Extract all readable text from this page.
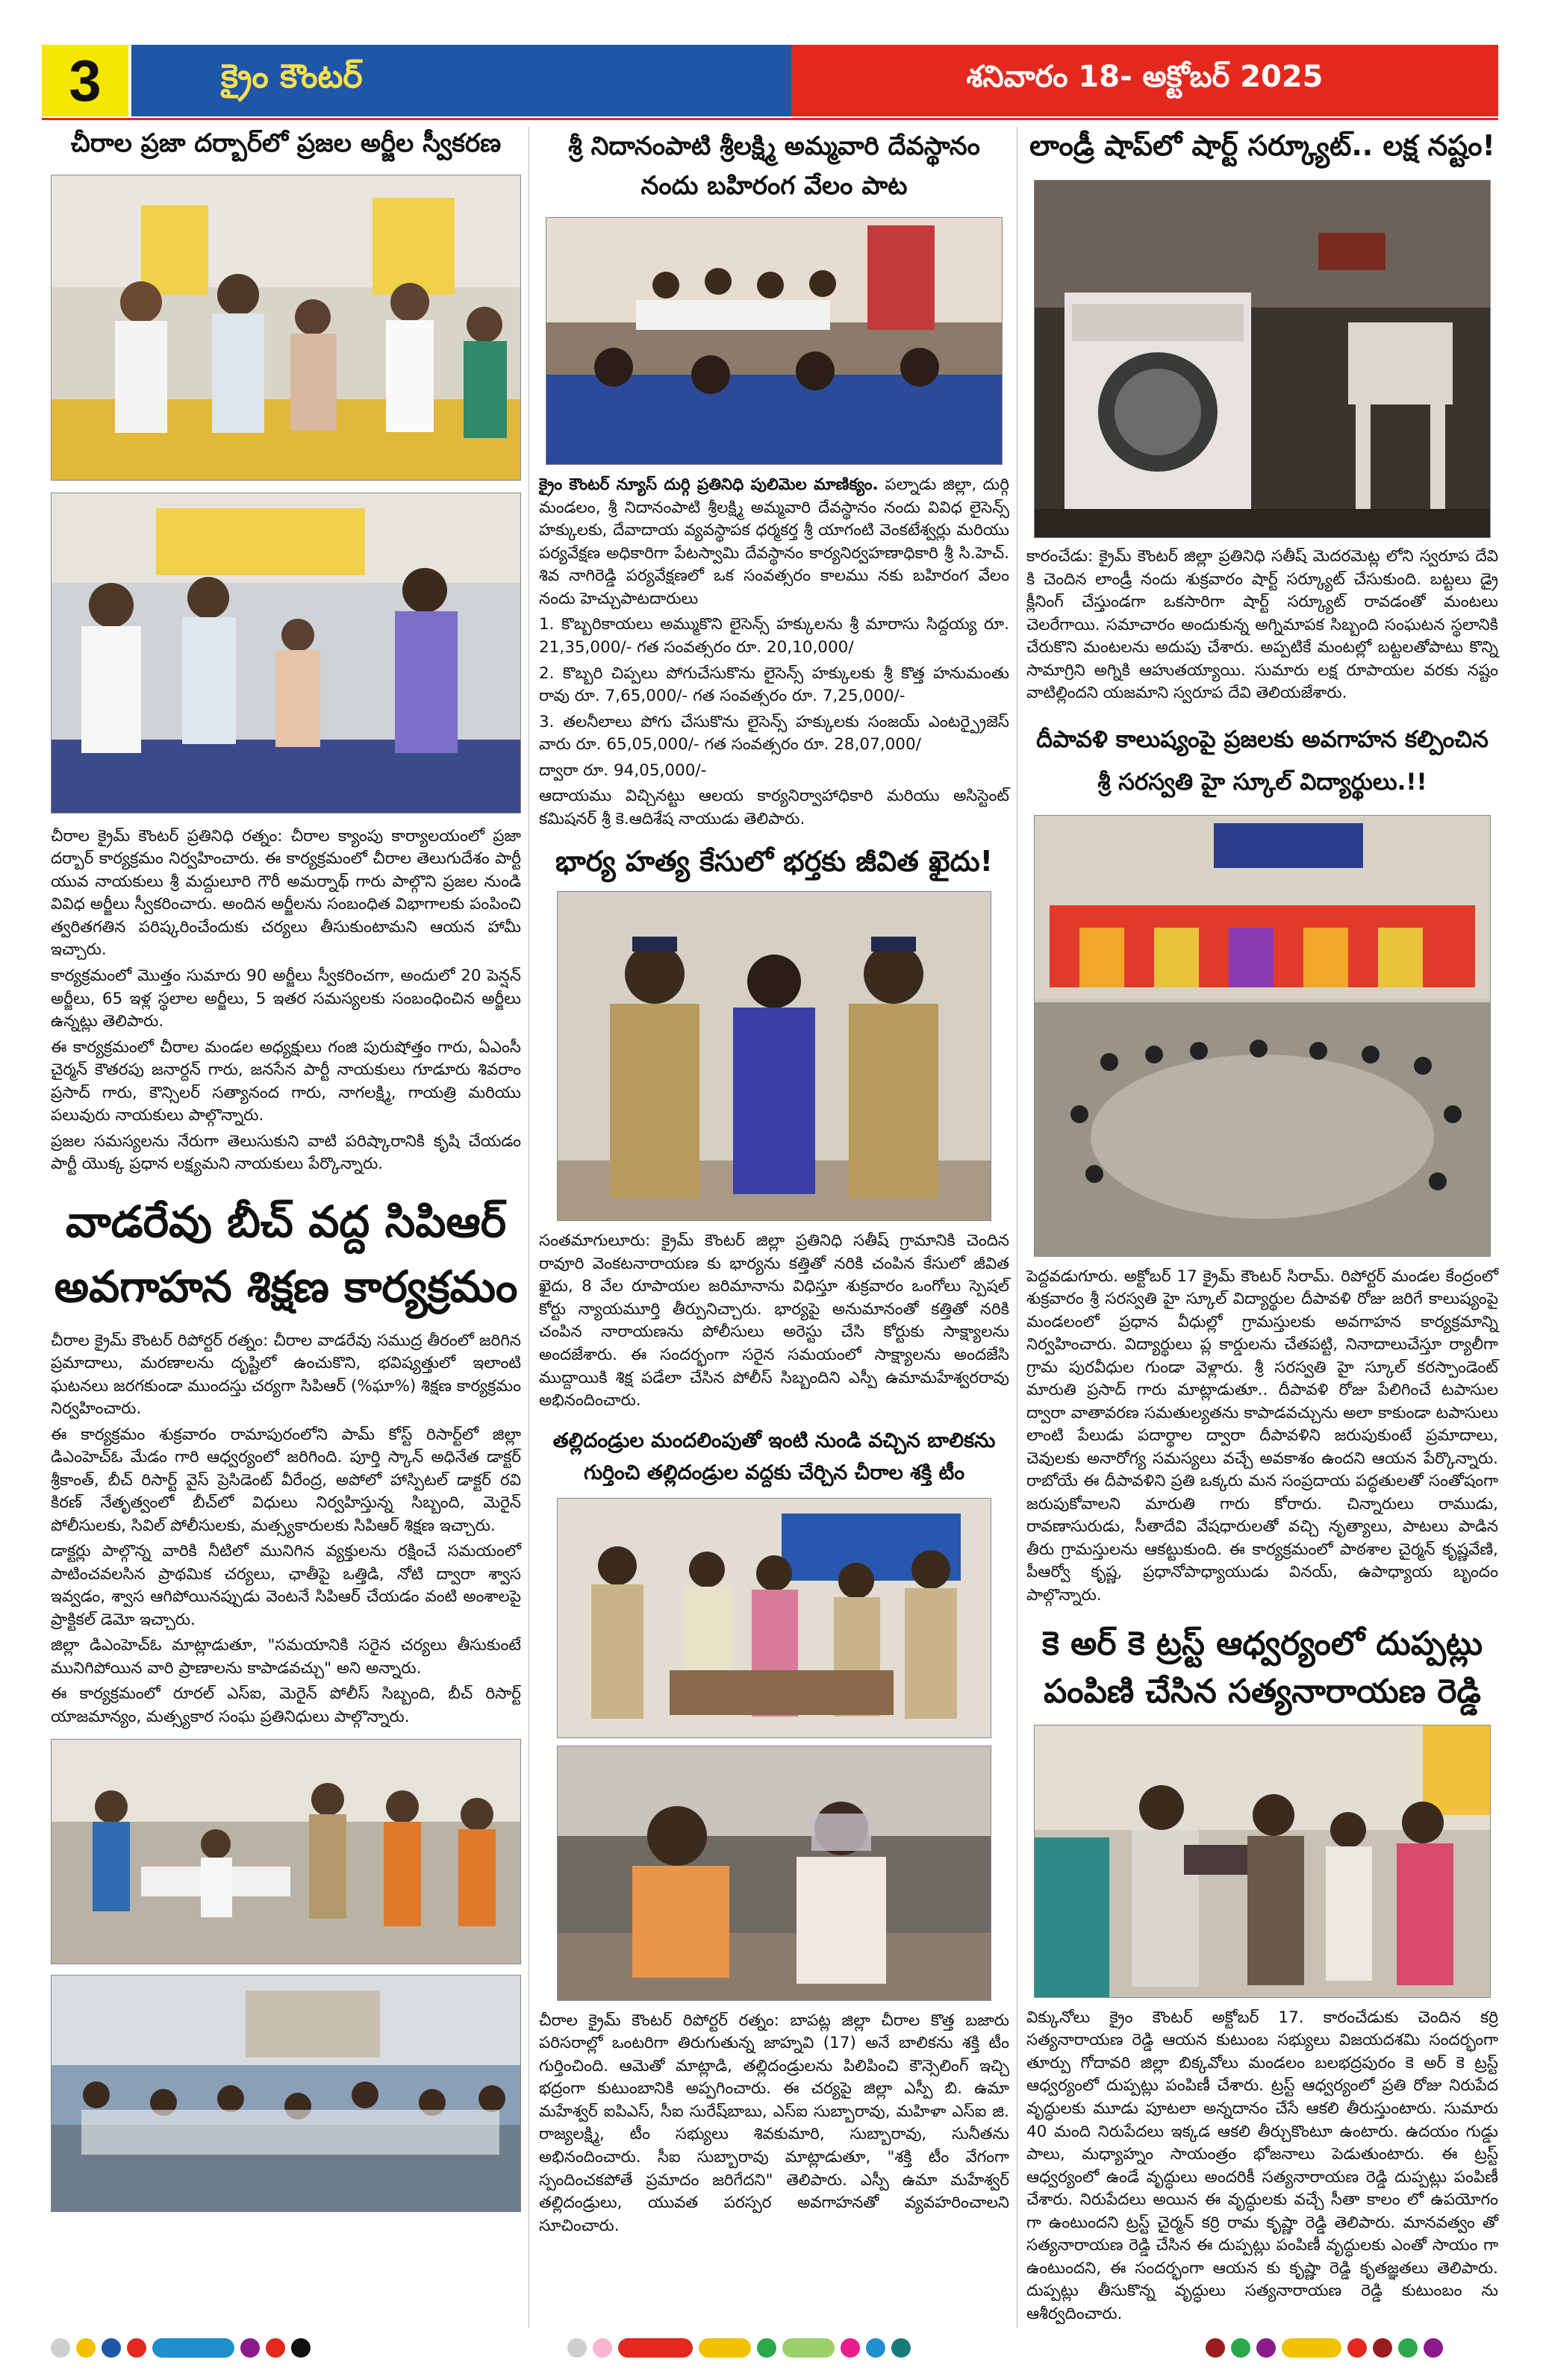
3	క్రైం కౌంటర్	శనివారం 18- అక్టోబర్ 2025
చీరాల ప్రజా దర్బార్‌లో ప్రజల అర్జీల స్వీకరణ

చీరాల క్రైమ్ కౌంటర్ ప్రతినిధి రత్నం: చీరాల క్యాంపు కార్యాలయంలో ప్రజా దర్బార్ కార్యక్రమం నిర్వహించారు. ఈ కార్యక్రమంలో చీరాల తెలుగుదేశం పార్టీ యువ నాయకులు శ్రీ మద్దులూరి గౌరీ అమర్నాథ్ గారు పాల్గొని ప్రజల నుండి వివిధ అర్జీలు స్వీకరించారు. అందిన అర్జీలను సంబంధిత విభాగాలకు పంపించి త్వరితగతిన పరిష్కరించేందుకు చర్యలు తీసుకుంటామని ఆయన హామీ ఇచ్చారు.

కార్యక్రమంలో మొత్తం సుమారు 90 అర్జీలు స్వీకరించగా, అందులో 20 పెన్షన్ అర్జీలు, 65 ఇళ్ల స్థలాల అర్జీలు, 5 ఇతర సమస్యలకు సంబంధించిన అర్జీలు ఉన్నట్లు తెలిపారు.

ఈ కార్యక్రమంలో చీరాల మండల అధ్యక్షులు గంజి పురుషోత్తం గారు, ఏఎంసీ చైర్మన్ కౌతరపు జనార్దన్ గారు, జనసేన పార్టీ నాయకులు గూడూరు శివరాం ప్రసాద్ గారు, కౌన్సిలర్ సత్యానంద గారు, నాగలక్ష్మి, గాయత్రి మరియు పలువురు నాయకులు పాల్గొన్నారు.

ప్రజల సమస్యలను నేరుగా తెలుసుకుని వాటి పరిష్కారానికి కృషి చేయడం పార్టీ యొక్క ప్రధాన లక్ష్యమని నాయకులు పేర్కొన్నారు.

వాడరేవు బీచ్ వద్ద సిపిఆర్ అవగాహన శిక్షణ కార్యక్రమం

చీరాల క్రైమ్ కౌంటర్ రిపోర్టర్ రత్నం: చీరాల వాడరేవు సముద్ర తీరంలో జరిగిన ప్రమాదాలు, మరణాలను దృష్టిలో ఉంచుకొని, భవిష్యత్తులో ఇలాంటి ఘటనలు జరగకుండా ముందస్తు చర్యగా సిపిఆర్ (%ఘా%) శిక్షణ కార్యక్రమం నిర్వహించారు.

ఈ కార్యక్రమం శుక్రవారం రామాపురంలోని పామ్ కోస్ట్ రిసార్ట్‌లో జిల్లా డిఎంహెచ్‌ఓ మేడం గారి ఆధ్వర్యంలో జరిగింది. పూర్తి స్కాన్ అధినేత డాక్టర్ శ్రీకాంత్, బీచ్ రిసార్ట్ వైస్ ప్రెసిడెంట్ వీరేంద్ర, అపోలో హాస్పిటల్ డాక్టర్ రవి కిరణ్ నేతృత్వంలో బీచ్‌లో విధులు నిర్వహిస్తున్న సిబ్బంది, మెరైన్ పోలీసులకు, సివిల్ పోలీసులకు, మత్స్యకారులకు సిపిఆర్ శిక్షణ ఇచ్చారు.

డాక్టర్లు పాల్గొన్న వారికి నీటిలో మునిగిన వ్యక్తులను రక్షించే సమయంలో పాటించవలసిన ప్రాథమిక చర్యలు, ఛాతీపై ఒత్తిడి, నోటి ద్వారా శ్వాస ఇవ్వడం, శ్వాస ఆగిపోయినప్పుడు వెంటనే సిపిఆర్ చేయడం వంటి అంశాలపై ప్రాక్టికల్ డెమో ఇచ్చారు.

జిల్లా డిఎంహెచ్‌ఓ మాట్లాడుతూ, "సమయానికి సరైన చర్యలు తీసుకుంటే మునిగిపోయిన వారి ప్రాణాలను కాపాడవచ్చు" అని అన్నారు.

ఈ కార్యక్రమంలో రూరల్ ఎస్ఐ, మెరైన్ పోలీస్ సిబ్బంది, బీచ్ రిసార్ట్ యాజమాన్యం, మత్స్యకార సంఘ ప్రతినిధులు పాల్గొన్నారు.

శ్రీ నిదానంపాటి శ్రీలక్ష్మి అమ్మవారి దేవస్థానం నందు బహిరంగ వేలం పాట

క్రైం కౌంటర్ న్యూస్ దుర్గి ప్రతినిధి పులిమెల మాణిక్యం. పల్నాడు జిల్లా, దుర్గి మండలం, శ్రీ నిదానంపాటి శ్రీలక్ష్మి అమ్మవారి దేవస్థానం నందు వివిధ లైసెన్స్ హక్కులకు, దేవాదాయ వ్యవస్థాపక ధర్మకర్త శ్రీ యాగంటి వెంకటేశ్వర్లు మరియు పర్యవేక్షణ అధికారిగా పేటస్వామి దేవస్థానం కార్యనిర్వహణాధికారి శ్రీ సి.హెచ్. శివ నాగిరెడ్డి పర్యవేక్షణలో ఒక సంవత్సరం కాలము నకు బహిరంగ వేలం నందు హెచ్చుపాటదారులు

1. కొబ్బరికాయలు అమ్ముకొని లైసెన్స్ హక్కులను శ్రీ మారాసు సిద్దయ్య రూ. 21,35,000/- గత సంవత్సరం రూ. 20,10,000/

2. కొబ్బరి చిప్పలు పోగుచేసుకొను లైసెన్స్ హక్కులకు శ్రీ కొత్త హనుమంతు రావు రూ. 7,65,000/- గత సంవత్సరం రూ. 7,25,000/-

3. తలనీలాలు పోగు చేసుకొను లైసెన్స్ హక్కులకు సంజయ్ ఎంటర్ప్రైజెస్ వారు రూ. 65,05,000/- గత సంవత్సరం రూ. 28,07,000/

ద్వారా రూ. 94,05,000/-

ఆదాయము విచ్చినట్టు ఆలయ కార్యనిర్వాహాధికారి మరియు అసిస్టెంట్ కమిషనర్ శ్రీ కె.ఆదిశేష నాయుడు తెలిపారు.

భార్య హత్య కేసులో భర్తకు జీవిత ఖైదు!

సంతమాగులూరు: క్రైమ్ కౌంటర్ జిల్లా ప్రతినిధి సతీష్ గ్రామానికి చెందిన రావూరి వెంకటనారాయణ కు భార్యను కత్తితో నరికి చంపిన కేసులో జీవిత ఖైదు, 8 వేల రూపాయల జరిమానాను విధిస్తూ శుక్రవారం ఒంగోలు స్పెషల్ కోర్టు న్యాయమూర్తి తీర్పునిచ్చారు. భార్యపై అనుమానంతో కత్తితో నరికి చంపిన నారాయణను పోలీసులు అరెస్టు చేసి కోర్టుకు సాక్ష్యాలను అందజేశారు. ఈ సందర్భంగా సరైన సమయంలో సాక్ష్యాలను అందజేసి ముద్దాయికి శిక్ష పడేలా చేసిన పోలీస్ సిబ్బందిని ఎస్పీ ఉమామహేశ్వరరావు అభినందించారు.

తల్లిదండ్రుల మందలింపుతో ఇంటి నుండి వచ్చిన బాలికను గుర్తించి తల్లిదండ్రుల వద్దకు చేర్చిన చీరాల శక్తి టీం

చీరాల క్రైమ్ కౌంటర్ రిపోర్టర్ రత్నం: బాపట్ల జిల్లా చీరాల కొత్త బజారు పరిసరాల్లో ఒంటరిగా తిరుగుతున్న జాహ్నవి (17) అనే బాలికను శక్తి టీం గుర్తించింది. ఆమెతో మాట్లాడి, తల్లిదండ్రులను పిలిపించి కౌన్సెలింగ్ ఇచ్చి భద్రంగా కుటుంబానికి అప్పగించారు. ఈ చర్యపై జిల్లా ఎస్పీ బి. ఉమా మహేశ్వర్ ఐపిఎస్, సీఐ సురేష్‌బాబు, ఎస్ఐ సుబ్బారావు, మహిళా ఎస్ఐ జి. రాజ్యలక్ష్మి, టీం సభ్యులు శివకుమారి, సుబ్బారావు, సునీతను అభినందించారు. సీఐ సుబ్బారావు మాట్లాడుతూ, "శక్తి టీం వేగంగా స్పందించకపోతే ప్రమాదం జరిగేదని" తెలిపారు. ఎస్పీ ఉమా మహేశ్వర్ తల్లిదండ్రులు, యువత పరస్పర అవగాహనతో వ్యవహరించాలని సూచించారు.

లాండ్రీ షాప్‌లో షార్ట్ సర్క్యూట్.. లక్ష నష్టం!

కారంచేడు: క్రైమ్ కౌంటర్ జిల్లా ప్రతినిధి సతీష్ మెదరమెట్ల లోని స్వరూప దేవి కి చెందిన లాండ్రీ నందు శుక్రవారం షార్ట్ సర్క్యూట్ చేసుకుంది. బట్టలు డ్రై క్లీనింగ్ చేస్తుండగా ఒకసారిగా షార్ట్ సర్క్యూట్ రావడంతో మంటలు చెలరేగాయి. సమాచారం అందుకున్న అగ్నిమాపక సిబ్బంది సంఘటన స్థలానికి చేరుకొని మంటలను అదుపు చేశారు. అప్పటికే మంటల్లో బట్టలతోపాటు కొన్ని సామాగ్రిని అగ్నికి ఆహుతయ్యాయి. సుమారు లక్ష రూపాయల వరకు నష్టం వాటిల్లిందని యజమాని స్వరూప దేవి తెలియజేశారు.

దీపావళి కాలుష్యంపై ప్రజలకు అవగాహన కల్పించిన శ్రీ సరస్వతి హై స్కూల్ విద్యార్థులు.!!

పెద్దవడుగూరు. అక్టోబర్ 17 క్రైమ్ కౌంటర్ సిరామ్. రిపోర్టర్ మండల కేంద్రంలో శుక్రవారం శ్రీ సరస్వతి హై స్కూల్ విద్యార్థుల దీపావళి రోజు జరిగే కాలుష్యంపై మండలంలో ప్రధాన వీధుల్లో గ్రామస్తులకు అవగాహన కార్యక్రమాన్ని నిర్వహించారు. విద్యార్థులు ప్ల కార్డులను చేతపట్టి, నినాదాలుచేస్తూ ర్యాలీగా గ్రామ పురవీధుల గుండా వెళ్లారు. శ్రీ సరస్వతి హై స్కూల్ కరస్పాండెంట్ మారుతి ప్రసాద్ గారు మాట్లాడుతూ.. దీపావళి రోజు పేలిగించే టపాసుల ద్వారా వాతావరణ సమతుల్యతను కాపాడవచ్చును అలా కాకుండా టపాసులు లాంటి పేలుడు పదార్థాల ద్వారా దీపావళిని జరుపుకుంటే ప్రమాదాలు, చెవులకు అనారోగ్య సమస్యలు వచ్చే అవకాశం ఉందని ఆయన పేర్కొన్నారు. రాబోయే ఈ దీపావళిని ప్రతి ఒక్కరు మన సంప్రదాయ పద్ధతులతో సంతోషంగా జరుపుకోవాలని మారుతి గారు కోరారు. చిన్నారులు రాముడు, రావణాసురుడు, సీతాదేవి వేషధారులతో వచ్చి నృత్యాలు, పాటలు పాడిన తీరు గ్రామస్తులను ఆకట్టుకుంది. ఈ కార్యక్రమంలో పాఠశాల చైర్మన్ కృష్ణవేణి, పీఆర్వో కృష్ణ, ప్రధానోపాధ్యాయుడు వినయ్, ఉపాధ్యాయ బృందం పాల్గొన్నారు.

కె అర్ కె ట్రస్ట్ ఆధ్వర్యంలో దుప్పట్లు పంపిణి చేసిన సత్యనారాయణ రెడ్డి

విక్కునోలు క్రైం కౌంటర్ అక్టోబర్ 17. కారంచేడుకు చెందిన కర్రి సత్యనారాయణ రెడ్డి ఆయన కుటుంబ సభ్యులు విజయదశమి సందర్భంగా తూర్పు గోదావరి జిల్లా బిక్కవోలు మండలం బలభద్రపురం కె అర్ కె ట్రస్ట్ ఆధ్వర్యంలో దుప్పట్లు పంపిణీ చేశారు. ట్రస్ట్ ఆధ్వర్యంలో ప్రతి రోజు నిరుపేద వృద్ధులకు మూడు పూటలా అన్నదానం చేసే ఆకలి తీరుస్తుంటారు. సుమారు 40 మంది నిరుపేదలు ఇక్కడ ఆకలి తీర్చుకొంటూ ఉంటారు. ఉదయం గుడ్డు పాలు, మధ్యాహ్నం సాయంత్రం భోజనాలు పెడుతుంటారు. ఈ ట్రస్ట్ ఆధ్వర్యంలో ఉండే వృద్ధులు అందరికీ సత్యనారాయణ రెడ్డి దుప్పట్లు పంపిణీ చేశారు. నిరుపేదలు అయిన ఈ వృద్ధులకు వచ్చే సీతా కాలం లో ఉపయోగం గా ఉంటుందని ట్రస్ట్ చైర్మన్ కర్రి రామ కృష్ణా రెడ్డి తెలిపారు. మానవత్వం తో సత్యనారాయణ రెడ్డి చేసిన ఈ దుప్పట్లు పంపిణీ వృద్ధులకు ఎంతో సాయం గా ఉంటుందని, ఈ సందర్భంగా ఆయన కు కృష్ణా రెడ్డి కృతజ్ఞతలు తెలిపారు. దుప్పట్లు తీసుకొన్న వృద్ధులు సత్యనారాయణ రెడ్డి కుటుంబం ను ఆశీర్వదించారు.
